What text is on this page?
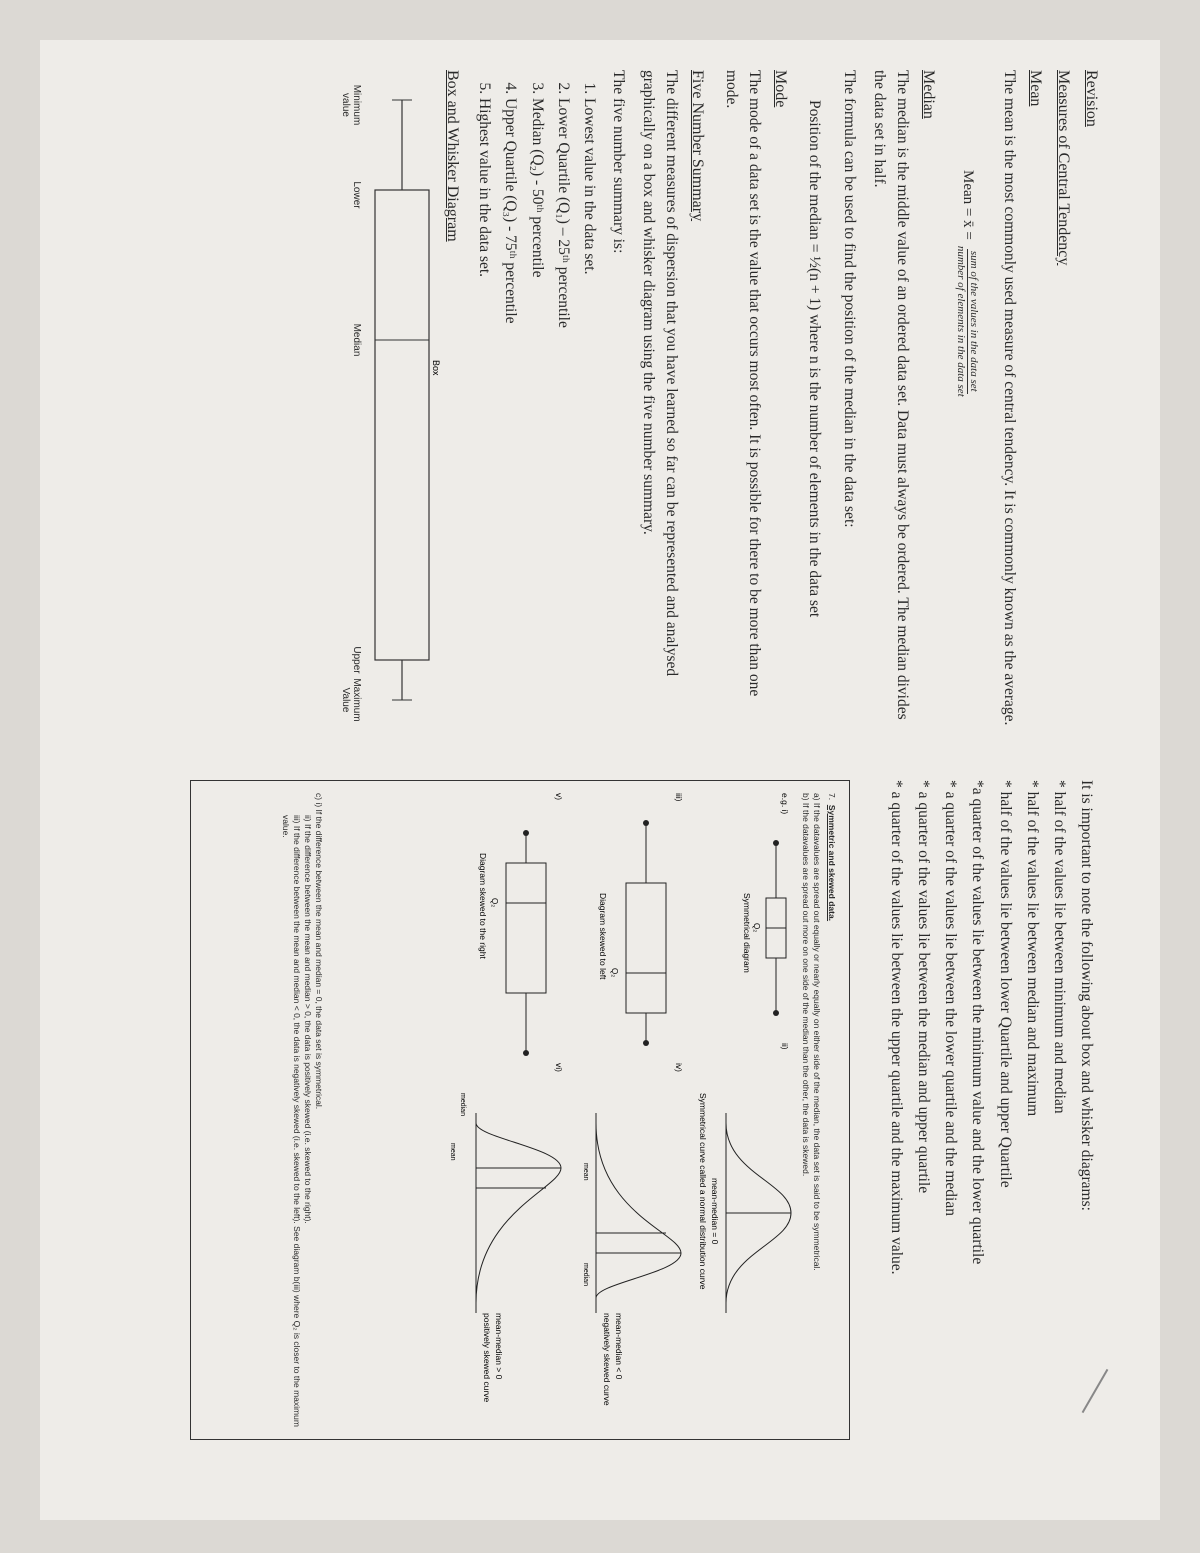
Revision

Measures of Central Tendency

Mean

The mean is the most commonly used measure of central tendency. It is commonly known as the average.

Mean = x̄ =
sum of the values in the data set
number of elements in the data set

Median

The median is the middle value of an ordered data set. Data must always be ordered. The median divides the data set in half.

The formula can be used to find the position of the median in the data set:

Position of the median = ½(n + 1) where n is the number of elements in the data set

Mode

The mode of a data set is the value that occurs most often. It is possible for there to be more than one mode.

Five Number Summary

The different measures of dispersion that you have learned so far can be represented and analysed graphically on a box and whisker diagram using the five number summary.

The five number summary is:

1. Lowest value in the data set.
2. Lower Quartile (Q₁) – 25ᵗʰ percentile
3. Median (Q₂) - 50ᵗʰ percentile
4. Upper Quartile (Q₃) - 75ᵗʰ percentile
5. Highest value in the data set.

Box and Whisker Diagram

Box
Minimum value
Lower
Median
Upper
Maximum Value

It is important to note the following about box and whisker diagrams:

* half of the values lie between minimum and median

* half of the values lie between median and maximum

* half of the values lie between lower Quartile and upper Quartile

*a quarter of the values lie between the minimum value and the lower quartile

* a quarter of the values lie between the lower quartile and the median

* a quarter of the values lie between the median and upper quartile

* a quarter of the values lie between the upper quartile and the maximum value.

7.  Symmetric and skewed data.

a) If the datavalues are spread out equally or nearly equally on either side of the median, the data set is said to be symmetrical.

b) If the datavalues are spread out more on one side of the median than the other, the data is skewed.

e.g. i)
Q₂
Symmetrical diagram
ii)
mean-median = 0
Symmetrical curve called a normal distribution curve
iii)
Q₂
Diagram skewed to left
iv)
mean
median
mean-median < 0
negatively skewed curve
v)
Q₂
Diagram skewed to the right
vi)
median
mean
mean-median > 0
positively skewed curve

c) i) If the difference between the mean and median = 0, the data set is symmetrical.

ii) If the difference between the mean and median > 0, the data is positively skewed (i.e. skewed to the right).

iii) If the difference between the mean and median < 0, the data is negatively skewed (i.e. skewed to the left). See diagram b(iii) where Q₂ is closer to the maximum value.
